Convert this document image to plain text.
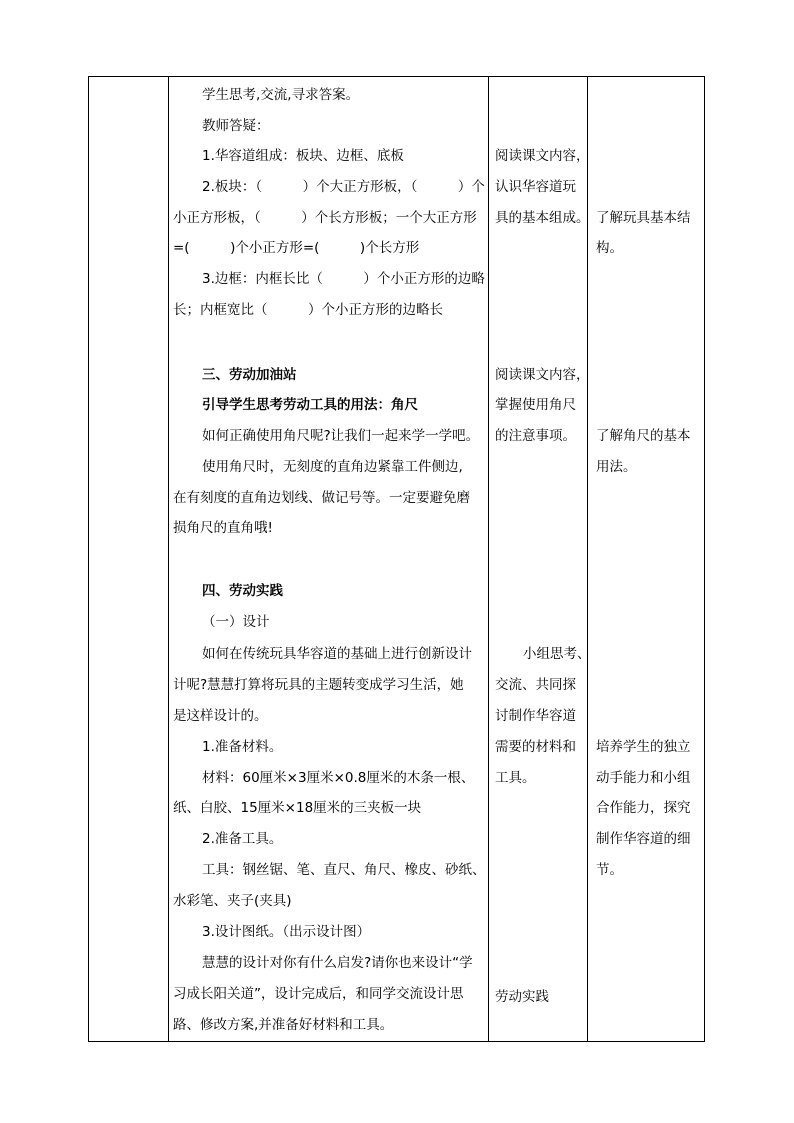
学生思考,交流,寻求答案。
教师答疑：
1.华容道组成：板块、边框、底板
2.板块：（　　　）个大正方形板，（　　　）个
小正方形板，（　　　）个长方形板；一个大正方形
=(　　　)个小正方形=(　　　)个长方形
3.边框：内框长比（　　　）个小正方形的边略
长；内框宽比（　　　）个小正方形的边略长
三、劳动加油站
引导学生思考劳动工具的用法：角尺
如何正确使用角尺呢?让我们一起来学一学吧。
使用角尺时，无刻度的直角边紧靠工件侧边,
在有刻度的直角边划线、做记号等。一定要避免磨
损角尺的直角哦!
四、劳动实践
（一）设计
如何在传统玩具华容道的基础上进行创新设计
计呢?慧慧打算将玩具的主题转变成学习生活，她
是这样设计的。
1.准备材料。
材料：60厘米×3厘米×0.8厘米的木条一根、
纸、白胶、15厘米×18厘米的三夹板一块
2.准备工具。
工具：钢丝锯、笔、直尺、角尺、橡皮、砂纸、
水彩笔、夹子(夹具)
3.设计图纸。（出示设计图）
慧慧的设计对你有什么启发?请你也来设计“学
习成长阳关道”，设计完成后，和同学交流设计思
路、修改方案,并准备好材料和工具。
阅读课文内容，
认识华容道玩
具的基本组成。
阅读课文内容，
掌握使用角尺
的注意事项。
小组思考、
交流、共同探
讨制作华容道
需要的材料和
工具。
劳动实践
了解玩具基本结
构。
了解角尺的基本
用法。
培养学生的独立
动手能力和小组
合作能力，探究
制作华容道的细
节。
